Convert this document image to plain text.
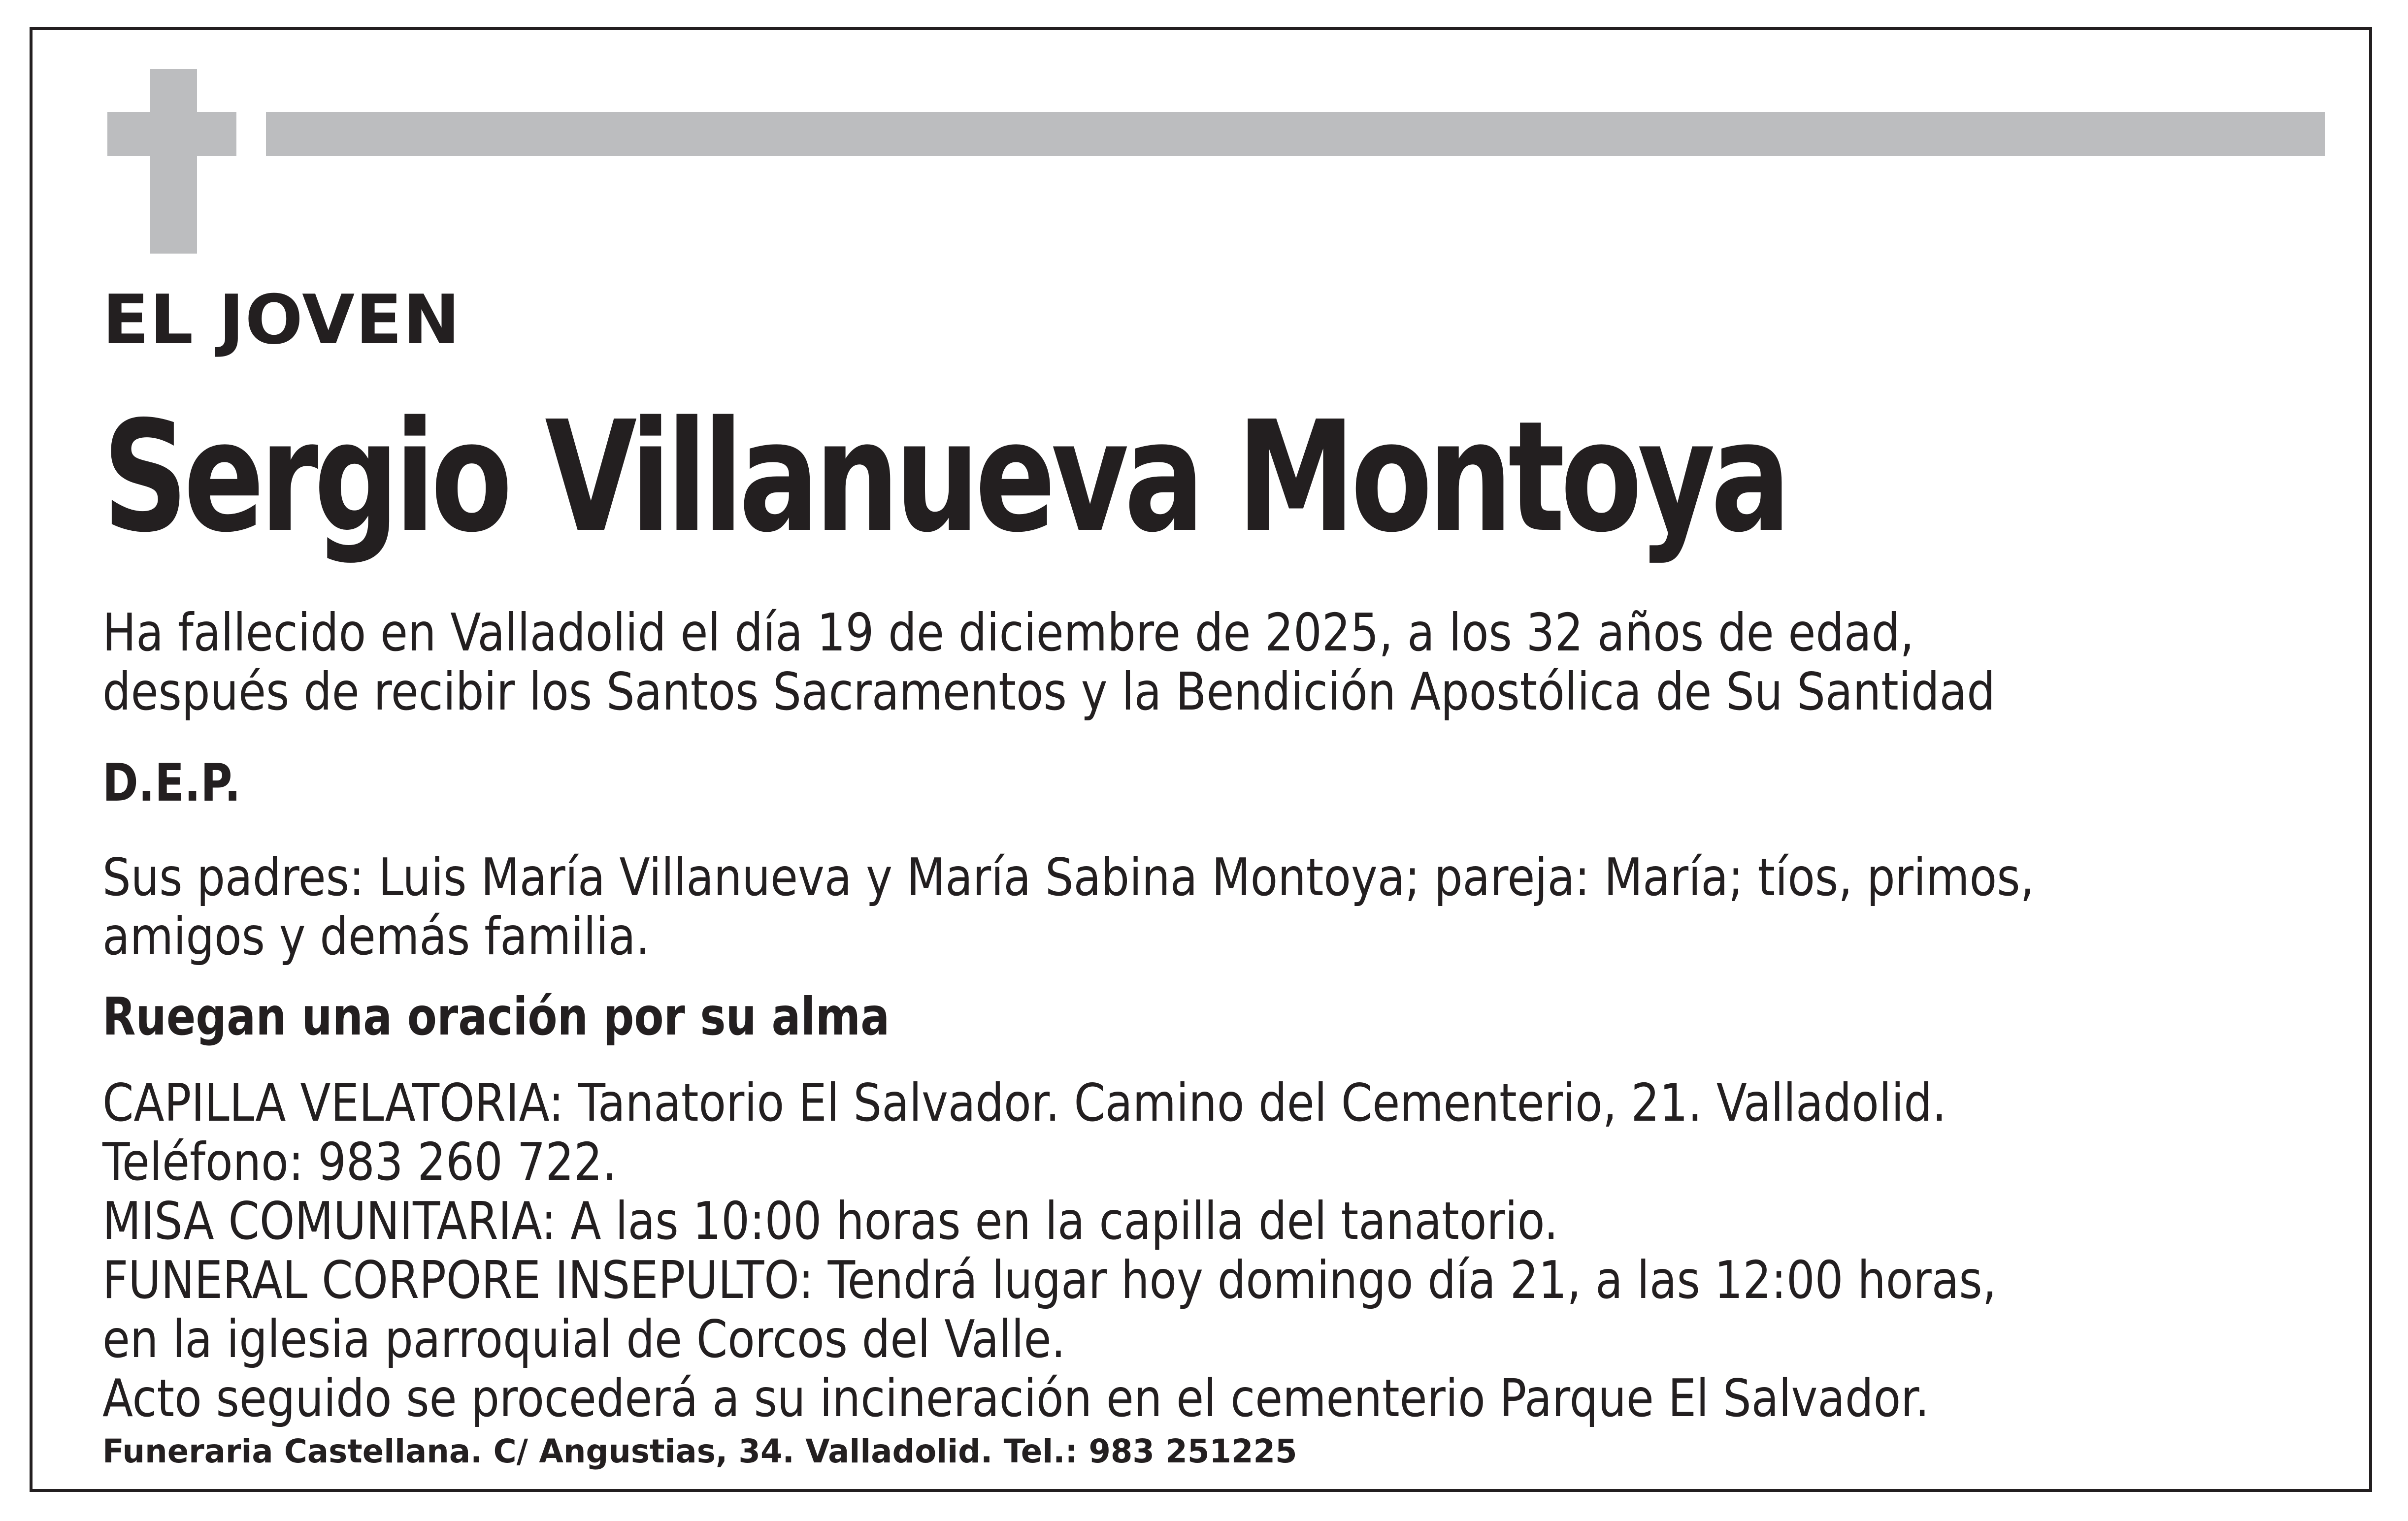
EL JOVEN
Sergio Villanueva Montoya
Ha fallecido en Valladolid el día 19 de diciembre de 2025, a los 32 años de edad,
después de recibir los Santos Sacramentos y la Bendición Apostólica de Su Santidad
D.E.P.
Sus padres: Luis María Villanueva y María Sabina Montoya; pareja: María; tíos, primos,
amigos y demás familia.
Ruegan una oración por su alma
CAPILLA VELATORIA: Tanatorio El Salvador. Camino del Cementerio, 21. Valladolid.
Teléfono: 983 260 722.
MISA COMUNITARIA: A las 10:00 horas en la capilla del tanatorio.
FUNERAL CORPORE INSEPULTO: Tendrá lugar hoy domingo día 21, a las 12:00 horas,
en la iglesia parroquial de Corcos del Valle.
Acto seguido se procederá a su incineración en el cementerio Parque El Salvador.
Funeraria Castellana. C/ Angustias, 34. Valladolid. Tel.: 983 251225
